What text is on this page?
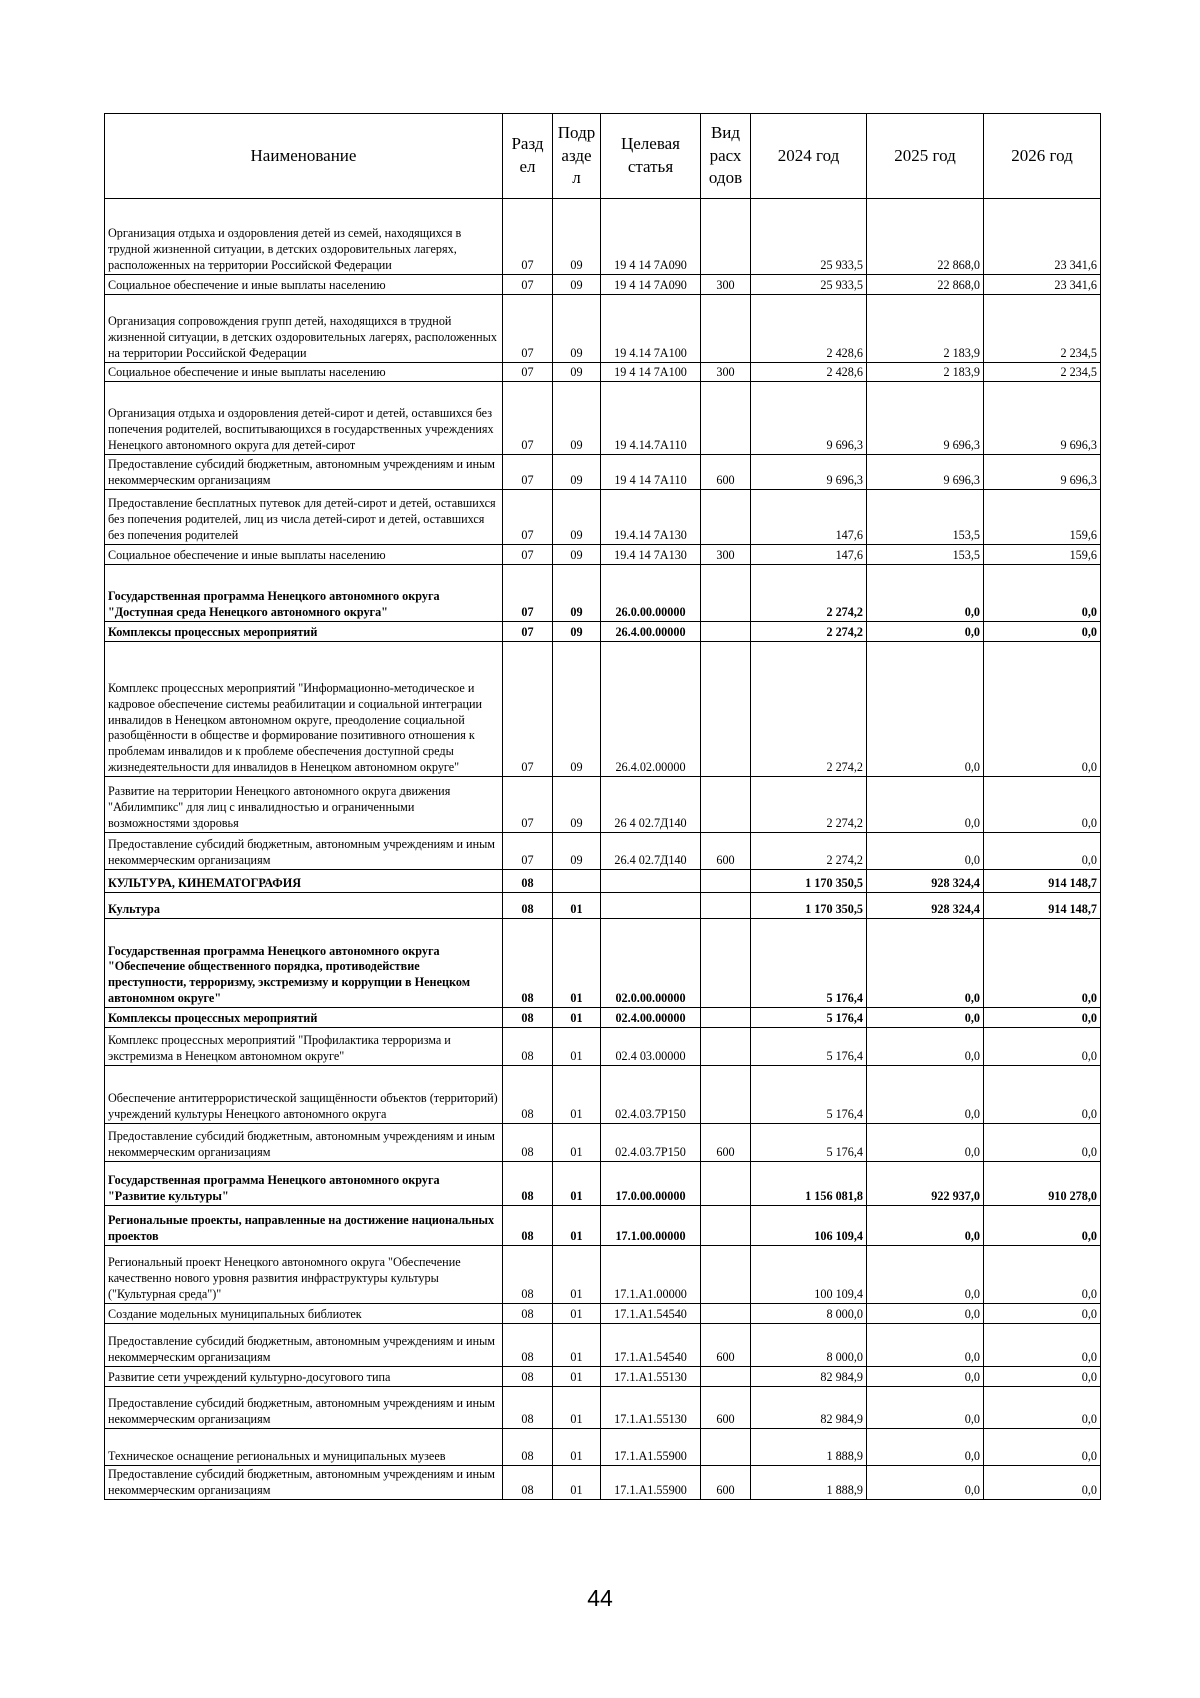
Наименование	Разд ел	Подр азде л	Целевая статья	Вид расх одов	2024 год	2025 год	2026 год
Организация отдыха и оздоровления детей из семей, находящихся в трудной жизненной ситуации, в детских оздоровительных лагерях, расположенных на территории Российской Федерации	07	09	19 4 14 7А090		25 933,5	22 868,0	23 341,6
Социальное обеспечение и иные выплаты населению	07	09	19 4 14 7А090	300	25 933,5	22 868,0	23 341,6
Организация сопровождения групп детей, находящихся в трудной жизненной ситуации, в детских оздоровительных лагерях, расположенных на территории Российской Федерации	07	09	19 4.14 7А100		2 428,6	2 183,9	2 234,5
Социальное обеспечение и иные выплаты населению	07	09	19 4 14 7А100	300	2 428,6	2 183,9	2 234,5
Организация отдыха и оздоровления детей-сирот и детей, оставшихся без попечения родителей, воспитывающихся в государственных учреждениях Ненецкого автономного округа для детей-сирот	07	09	19 4.14.7А110		9 696,3	9 696,3	9 696,3
Предоставление субсидий бюджетным, автономным учреждениям и иным некоммерческим организациям	07	09	19 4 14 7А110	600	9 696,3	9 696,3	9 696,3
Предоставление бесплатных путевок для детей-сирот и детей, оставшихся без попечения родителей, лиц из числа детей-сирот и детей, оставшихся без попечения родителей	07	09	19.4.14 7А130		147,6	153,5	159,6
Социальное обеспечение и иные выплаты населению	07	09	19.4 14 7А130	300	147,6	153,5	159,6
Государственная программа Ненецкого автономного округа "Доступная среда Ненецкого автономного округа"	07	09	26.0.00.00000		2 274,2	0,0	0,0
Комплексы процессных мероприятий	07	09	26.4.00.00000		2 274,2	0,0	0,0
Комплекс процессных мероприятий "Информационно-методическое и кадровое обеспечение системы реабилитации и социальной интеграции инвалидов в Ненецком автономном округе, преодоление социальной разобщённости в обществе и формирование позитивного отношения к проблемам инвалидов и к проблеме обеспечения доступной среды жизнедеятельности для инвалидов в Ненецком автономном округе"	07	09	26.4.02.00000		2 274,2	0,0	0,0
Развитие на территории Ненецкого автономного округа движения "Абилимпикс" для лиц с инвалидностью и ограниченными возможностями здоровья	07	09	26 4 02.7Д140		2 274,2	0,0	0,0
Предоставление субсидий бюджетным, автономным учреждениям и иным некоммерческим организациям	07	09	26.4 02.7Д140	600	2 274,2	0,0	0,0
КУЛЬТУРА, КИНЕМАТОГРАФИЯ	08				1 170 350,5	928 324,4	914 148,7
Культура	08	01			1 170 350,5	928 324,4	914 148,7
Государственная программа Ненецкого автономного округа "Обеспечение общественного порядка, противодействие преступности, терроризму, экстремизму и коррупции в Ненецком автономном округе"	08	01	02.0.00.00000		5 176,4	0,0	0,0
Комплексы процессных мероприятий	08	01	02.4.00.00000		5 176,4	0,0	0,0
Комплекс процессных мероприятий "Профилактика терроризма и экстремизма в Ненецком автономном округе"	08	01	02.4 03.00000		5 176,4	0,0	0,0
Обеспечение антитеррористической защищённости объектов (территорий) учреждений культуры Ненецкого автономного округа	08	01	02.4.03.7Р150		5 176,4	0,0	0,0
Предоставление субсидий бюджетным, автономным учреждениям и иным некоммерческим организациям	08	01	02.4.03.7Р150	600	5 176,4	0,0	0,0
Государственная программа Ненецкого автономного округа "Развитие культуры"	08	01	17.0.00.00000		1 156 081,8	922 937,0	910 278,0
Региональные проекты, направленные на достижение национальных проектов	08	01	17.1.00.00000		106 109,4	0,0	0,0
Региональный проект Ненецкого автономного округа "Обеспечение качественно нового уровня развития инфраструктуры культуры ("Культурная среда")"	08	01	17.1.А1.00000		100 109,4	0,0	0,0
Создание модельных муниципальных библиотек	08	01	17.1.А1.54540		8 000,0	0,0	0,0
Предоставление субсидий бюджетным, автономным учреждениям и иным некоммерческим организациям	08	01	17.1.А1.54540	600	8 000,0	0,0	0,0
Развитие сети учреждений культурно-досугового типа	08	01	17.1.А1.55130		82 984,9	0,0	0,0
Предоставление субсидий бюджетным, автономным учреждениям и иным некоммерческим организациям	08	01	17.1.А1.55130	600	82 984,9	0,0	0,0
Техническое оснащение региональных и муниципальных музеев	08	01	17.1.А1.55900		1 888,9	0,0	0,0
Предоставление субсидий бюджетным, автономным учреждениям и иным некоммерческим организациям	08	01	17.1.А1.55900	600	1 888,9	0,0	0,0
44
